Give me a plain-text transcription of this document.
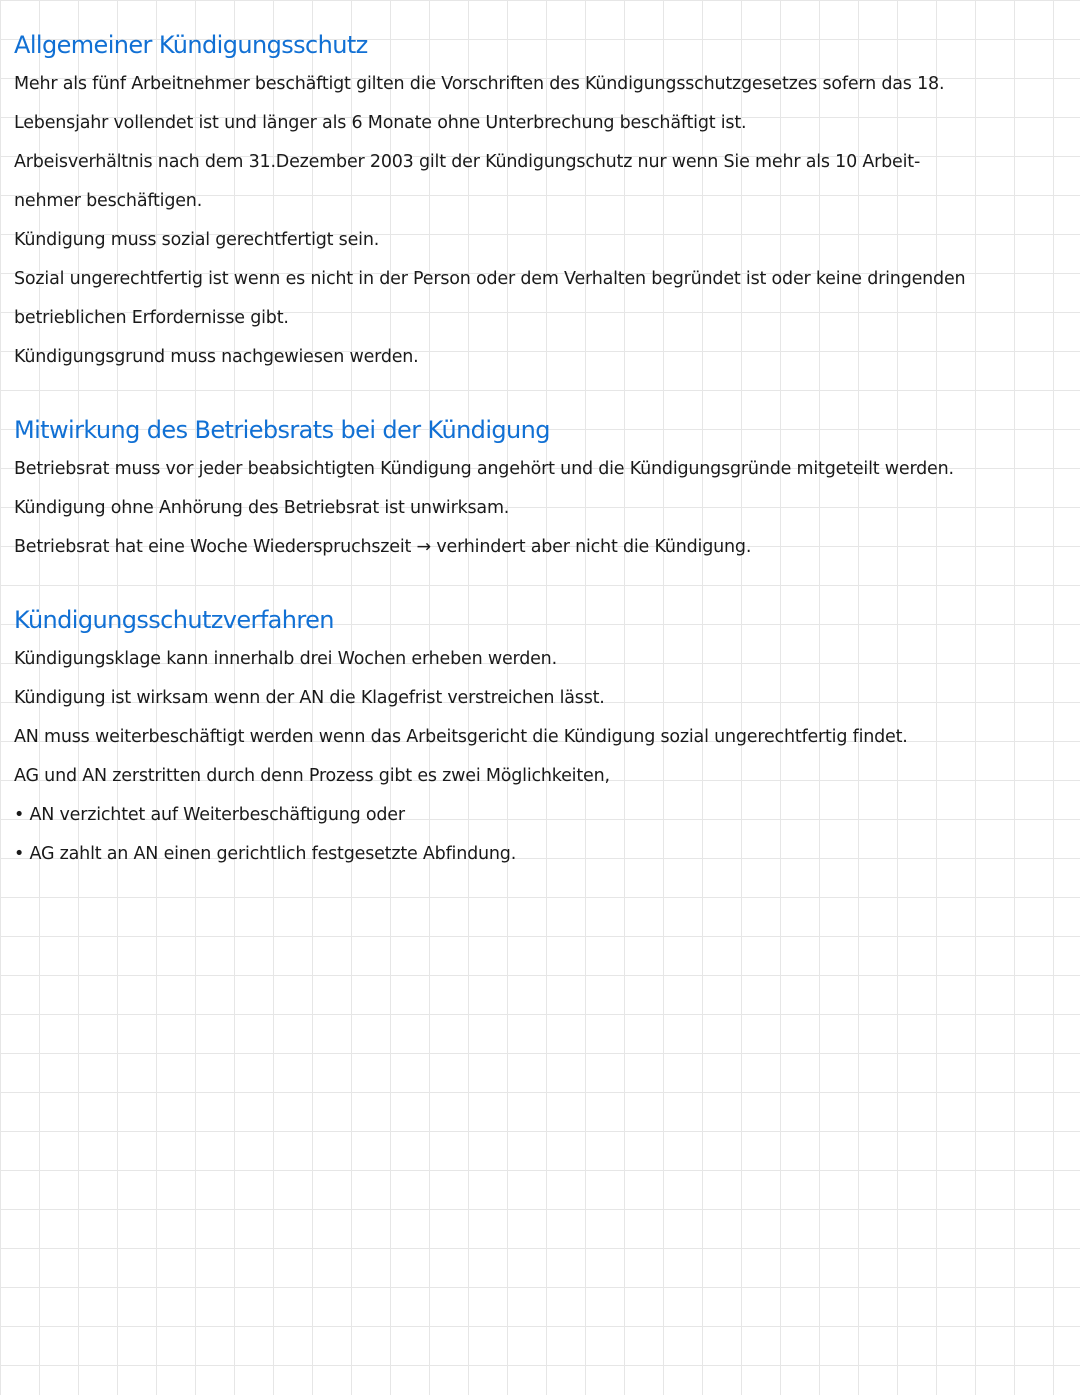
Allgemeiner Kündigungsschutz
Mehr als fünf Arbeitnehmer beschäftigt gilten die Vorschriften des Kündigungsschutzgesetzes sofern das 18.
Lebensjahr vollendet ist und länger als 6 Monate ohne Unterbrechung beschäftigt ist.
Arbeisverhältnis nach dem 31.Dezember 2003 gilt der Kündigungschutz nur wenn Sie mehr als 10 Arbeit-
nehmer beschäftigen.
Kündigung muss sozial gerechtfertigt sein.
Sozial ungerechtfertig ist wenn es nicht in der Person oder dem Verhalten begründet ist oder keine dringenden
betrieblichen Erfordernisse gibt.
Kündigungsgrund muss nachgewiesen werden.
Mitwirkung des Betriebsrats bei der Kündigung
Betriebsrat muss vor jeder beabsichtigten Kündigung angehört und die Kündigungsgründe mitgeteilt werden.
Kündigung ohne Anhörung des Betriebsrat ist unwirksam.
Betriebsrat hat eine Woche Wiederspruchszeit → verhindert aber nicht die Kündigung.
Kündigungsschutzverfahren
Kündigungsklage kann innerhalb drei Wochen erheben werden.
Kündigung ist wirksam wenn der AN die Klagefrist verstreichen lässt.
AN muss weiterbeschäftigt werden wenn das Arbeitsgericht die Kündigung sozial ungerechtfertig findet.
AG und AN zerstritten durch denn Prozess gibt es zwei Möglichkeiten,
• AN verzichtet auf Weiterbeschäftigung oder
• AG zahlt an AN einen gerichtlich festgesetzte Abfindung.
